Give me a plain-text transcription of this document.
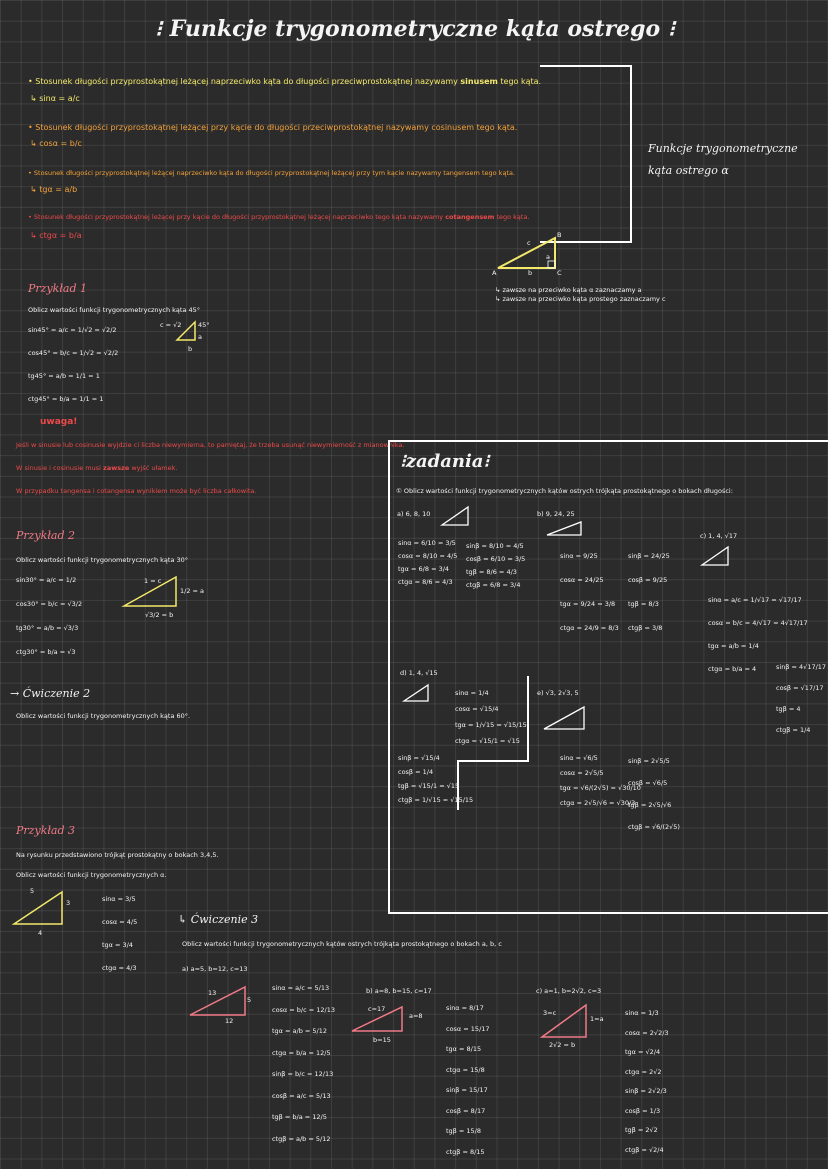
⁝ Funkcje trygonometryczne kąta ostrego ⁝
• Stosunek długości przyprostokątnej leżącej naprzeciwko kąta do długości przeciwprostokątnej nazywamy sinusem tego kąta.
↳ sinα = a/c
• Stosunek długości przyprostokątnej leżącej przy kącie do długości przeciwprostokątnej nazywamy cosinusem tego kąta.
↳ cosα = b/c
• Stosunek długości przyprostokątnej leżącej naprzeciwko kąta do długości przyprostokątnej leżącej przy tym kącie nazywamy tangensem tego kąta.
↳ tgα = a/b
• Stosunek długości przyprostokątnej leżącej przy kącie do długości przyprostokątnej leżącej naprzeciwko tego kąta nazywamy cotangensem tego kąta.
↳ ctgα = b/a
Funkcje trygonometryczne
kąta ostrego α
A
B
C
c
a
b
↳ zawsze na przeciwko kąta α zaznaczamy a
↳ zawsze na przeciwko kąta prostego zaznaczamy c
Przykład 1
Oblicz wartości funkcji trygonometrycznych kąta 45°
sin45° = a/c = 1/√2 = √2/2
cos45° = b/c = 1/√2 = √2/2
tg45° = a/b = 1/1 = 1
ctg45° = b/a = 1/1 = 1
c = √2	45°
a
b
uwaga!
Jeśli w sinusie lub cosinusie wyjdzie ci liczba niewymierna, to pamiętaj, że trzeba usunąć niewymierność z mianownika.
W sinusie i cosinusie musi zawsze wyjść ułamek.
W przypadku tangensa i cotangensa wynikiem może być liczba całkowita.
Przykład 2
Oblicz wartości funkcji trygonometrycznych kąta 30°
sin30° = a/c = 1/2
cos30° = b/c = √3/2
tg30° = a/b = √3/3
ctg30° = b/a = √3
1 = c
1/2 = a
√3/2 = b
→ Ćwiczenie 2
Oblicz wartości funkcji trygonometrycznych kąta 60°.
Przykład 3
Na rysunku przedstawiono trójkąt prostokątny o bokach 3,4,5.
Oblicz wartości funkcji trygonometrycznych α.
5
3
4
sinα = 3/5
cosα = 4/5
tgα = 3/4
ctgα = 4/3
↳ Ćwiczenie 3
Oblicz wartości funkcji trygonometrycznych kątów ostrych trójkąta prostokątnego o bokach a, b, c
a) a=5, b=12, c=13
13
5
12
sinα = a/c = 5/13
cosα = b/c = 12/13
tgα = a/b = 5/12
ctgα = b/a = 12/5
sinβ = b/c = 12/13
cosβ = a/c = 5/13
tgβ = b/a = 12/5
ctgβ = a/b = 5/12
b) a=8, b=15, c=17
c=17
a=8
b=15
sinα = 8/17
cosα = 15/17
tgα = 8/15
ctgα = 15/8
sinβ = 15/17
cosβ = 8/17
tgβ = 15/8
ctgβ = 8/15
c) a=1, b=2√2, c=3
3=c
1=a
2√2 = b
sinα = 1/3
cosα = 2√2/3
tgα = √2/4
ctgα = 2√2
sinβ = 2√2/3
cosβ = 1/3
tgβ = 2√2
ctgβ = √2/4
⁝zadania⁝
① Oblicz wartości funkcji trygonometrycznych kątów ostrych trójkąta prostokątnego o bokach długości:
a) 6, 8, 10
sinα = 6/10 = 3/5
cosα = 8/10 = 4/5
tgα = 6/8 = 3/4
ctgα = 8/6 = 4/3
sinβ = 8/10 = 4/5
cosβ = 6/10 = 3/5
tgβ = 8/6 = 4/3
ctgβ = 6/8 = 3/4
b) 9, 24, 25
sinα = 9/25
cosα = 24/25
tgα = 9/24 = 3/8
ctgα = 24/9 = 8/3
sinβ = 24/25
cosβ = 9/25
tgβ = 8/3
ctgβ = 3/8
c) 1, 4, √17
sinα = a/c = 1/√17 = √17/17
cosα = b/c = 4/√17 = 4√17/17
tgα = a/b = 1/4
ctgα = b/a = 4	sinβ = 4√17/17
cosβ = √17/17
tgβ = 4
ctgβ = 1/4
d) 1, 4, √15
sinα = 1/4
cosα = √15/4
tgα = 1/√15 = √15/15
ctgα = √15/1 = √15
sinβ = √15/4
cosβ = 1/4
tgβ = √15/1 = √15
ctgβ = 1/√15 = √15/15
e) √3, 2√3, 5
sinα = √6/5
cosα = 2√5/5
tgα = √6/(2√5) = √30/10
ctgα = 2√5/√6 = √30/3
sinβ = 2√5/5
cosβ = √6/5
tgβ = 2√5/√6
ctgβ = √6/(2√5)
